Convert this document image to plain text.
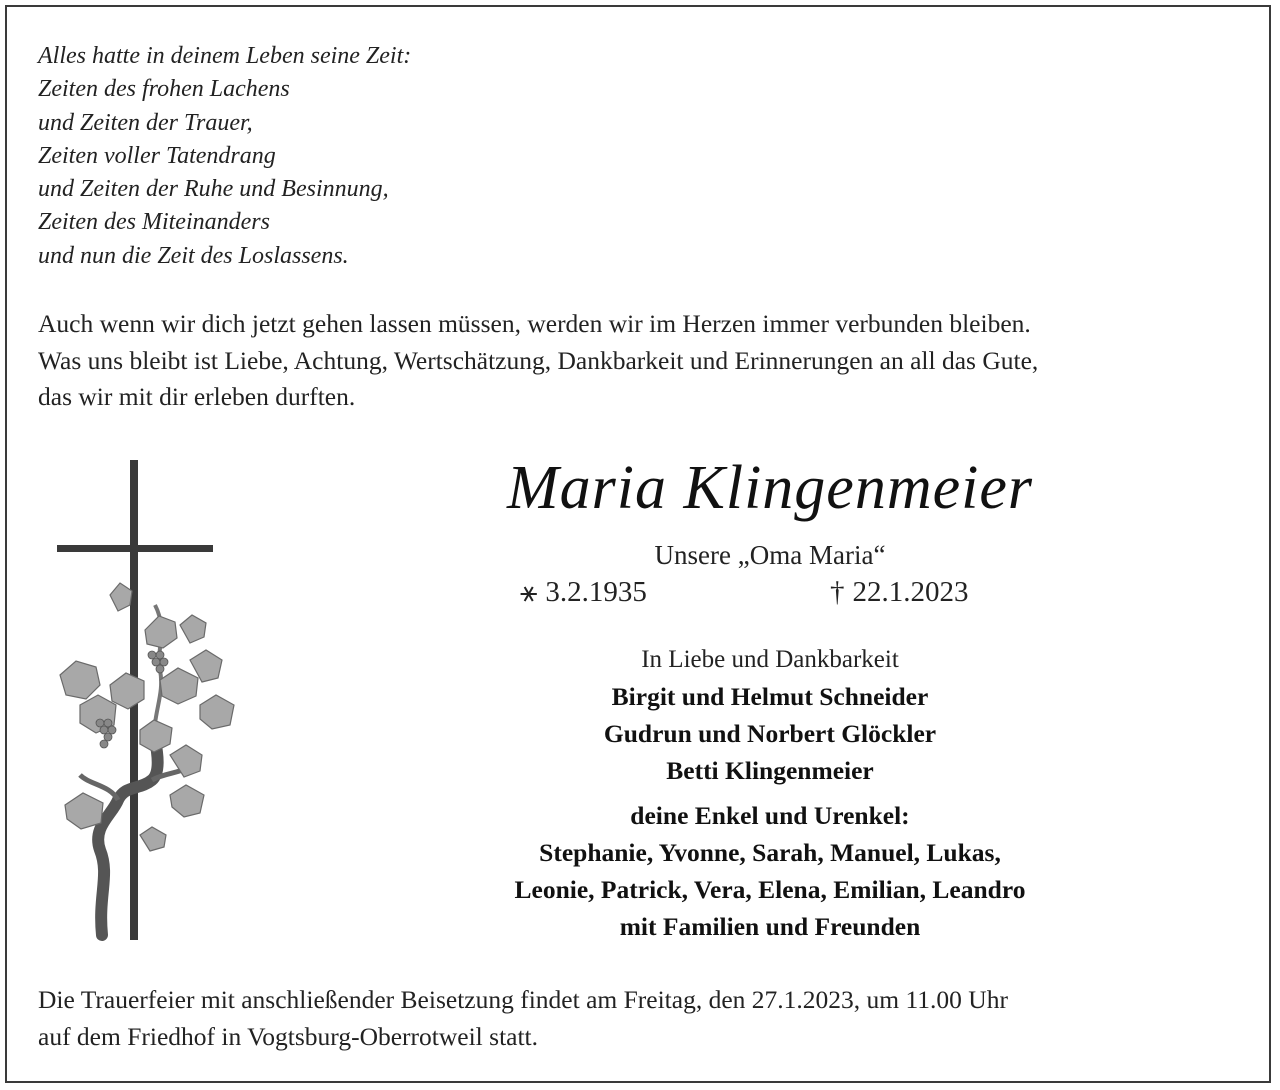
Alles hatte in deinem Leben seine Zeit:
Zeiten des frohen Lachens
und Zeiten der Trauer,
Zeiten voller Tatendrang
und Zeiten der Ruhe und Besinnung,
Zeiten des Miteinanders
und nun die Zeit des Loslassens.
Auch wenn wir dich jetzt gehen lassen müssen, werden wir im Herzen immer verbunden bleiben.
Was uns bleibt ist Liebe, Achtung, Wertschätzung, Dankbarkeit und Erinnerungen an all das Gute,
das wir mit dir erleben durften.
Maria Klingenmeier
Unsere „Oma Maria“
⚹ 3.2.1935	† 22.1.2023
In Liebe und Dankbarkeit
Birgit und Helmut Schneider
Gudrun und Norbert Glöckler
Betti Klingenmeier
deine Enkel und Urenkel:
Stephanie, Yvonne, Sarah, Manuel, Lukas,
Leonie, Patrick, Vera, Elena, Emilian, Leandro
mit Familien und Freunden
Die Trauerfeier mit anschließender Beisetzung findet am Freitag, den 27.1.2023, um 11.00 Uhr
auf dem Friedhof in Vogtsburg-Oberrotweil statt.
